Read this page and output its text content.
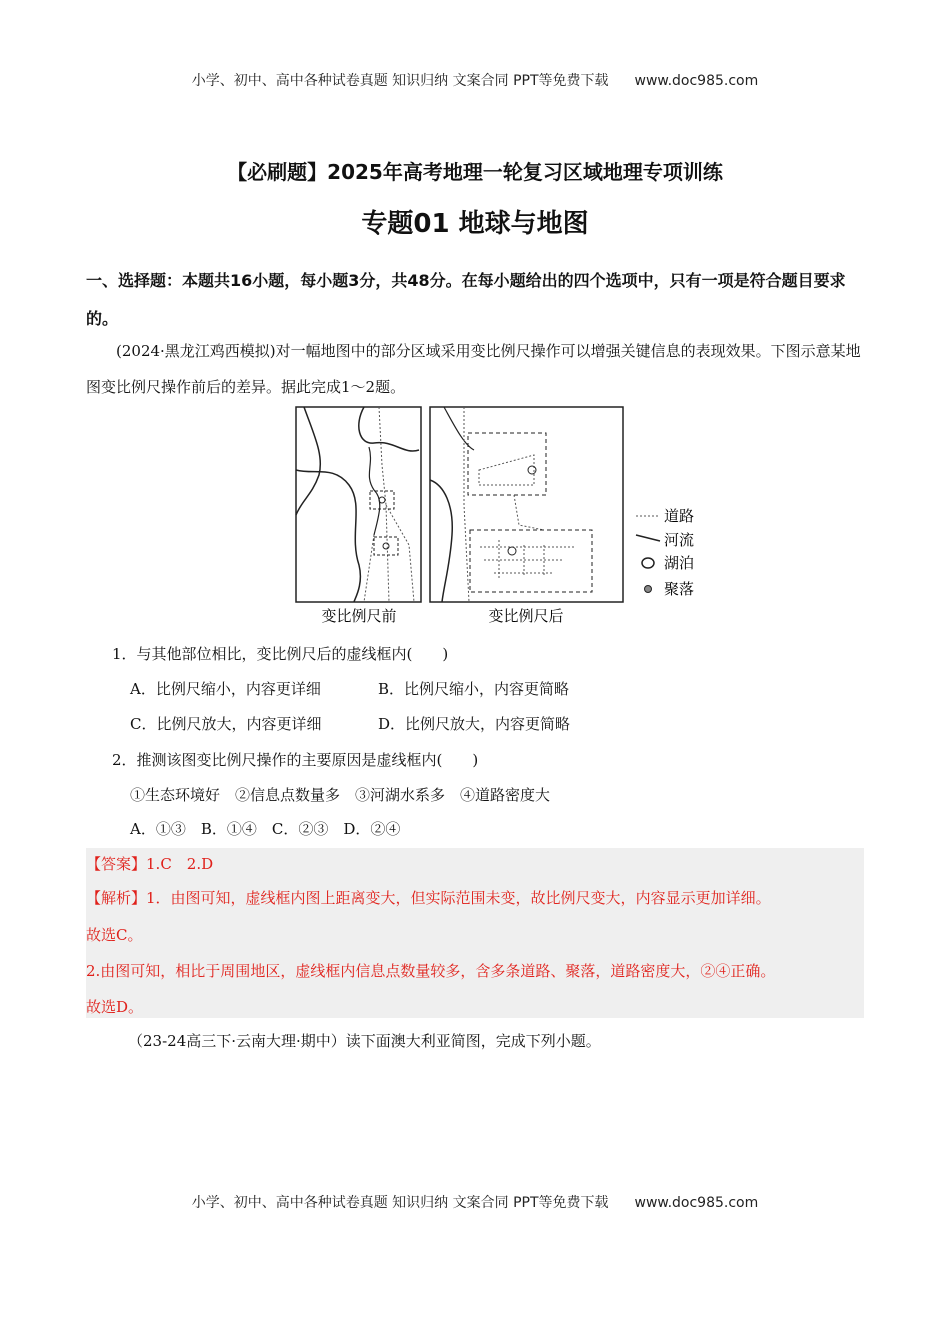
小学、初中、高中各种试卷真题 知识归纳 文案合同 PPT等免费下载 www.doc985.com
【必刷题】2025年高考地理一轮复习区域地理专项训练
专题01 地球与地图
一、选择题：本题共16小题，每小题3分，共48分。在每小题给出的四个选项中，只有一项是符合题目要求的。
(2024·黑龙江鸡西模拟)对一幅地图中的部分区域采用变比例尺操作可以增强关键信息的表现效果。下图示意某地图变比例尺操作前后的差异。据此完成1～2题。
变比例尺前	变比例尺后
道路
河流
湖泊
聚落
1．与其他部位相比，变比例尺后的虚线框内(　　)
A．比例尺缩小，内容更详细	B．比例尺缩小，内容更简略
C．比例尺放大，内容更详细	D．比例尺放大，内容更简略
2．推测该图变比例尺操作的主要原因是虚线框内(　　)
①生态环境好　②信息点数量多　③河湖水系多　④道路密度大
A．①③　B．①④　C．②③　D．②④
【答案】1.C　2.D
【解析】1．由图可知，虚线框内图上距离变大，但实际范围未变，故比例尺变大，内容显示更加详细。
故选C。
2.由图可知，相比于周围地区，虚线框内信息点数量较多，含多条道路、聚落，道路密度大，②④正确。
故选D。
（23-24高三下·云南大理·期中）读下面澳大利亚简图，完成下列小题。
小学、初中、高中各种试卷真题 知识归纳 文案合同 PPT等免费下载 www.doc985.com
